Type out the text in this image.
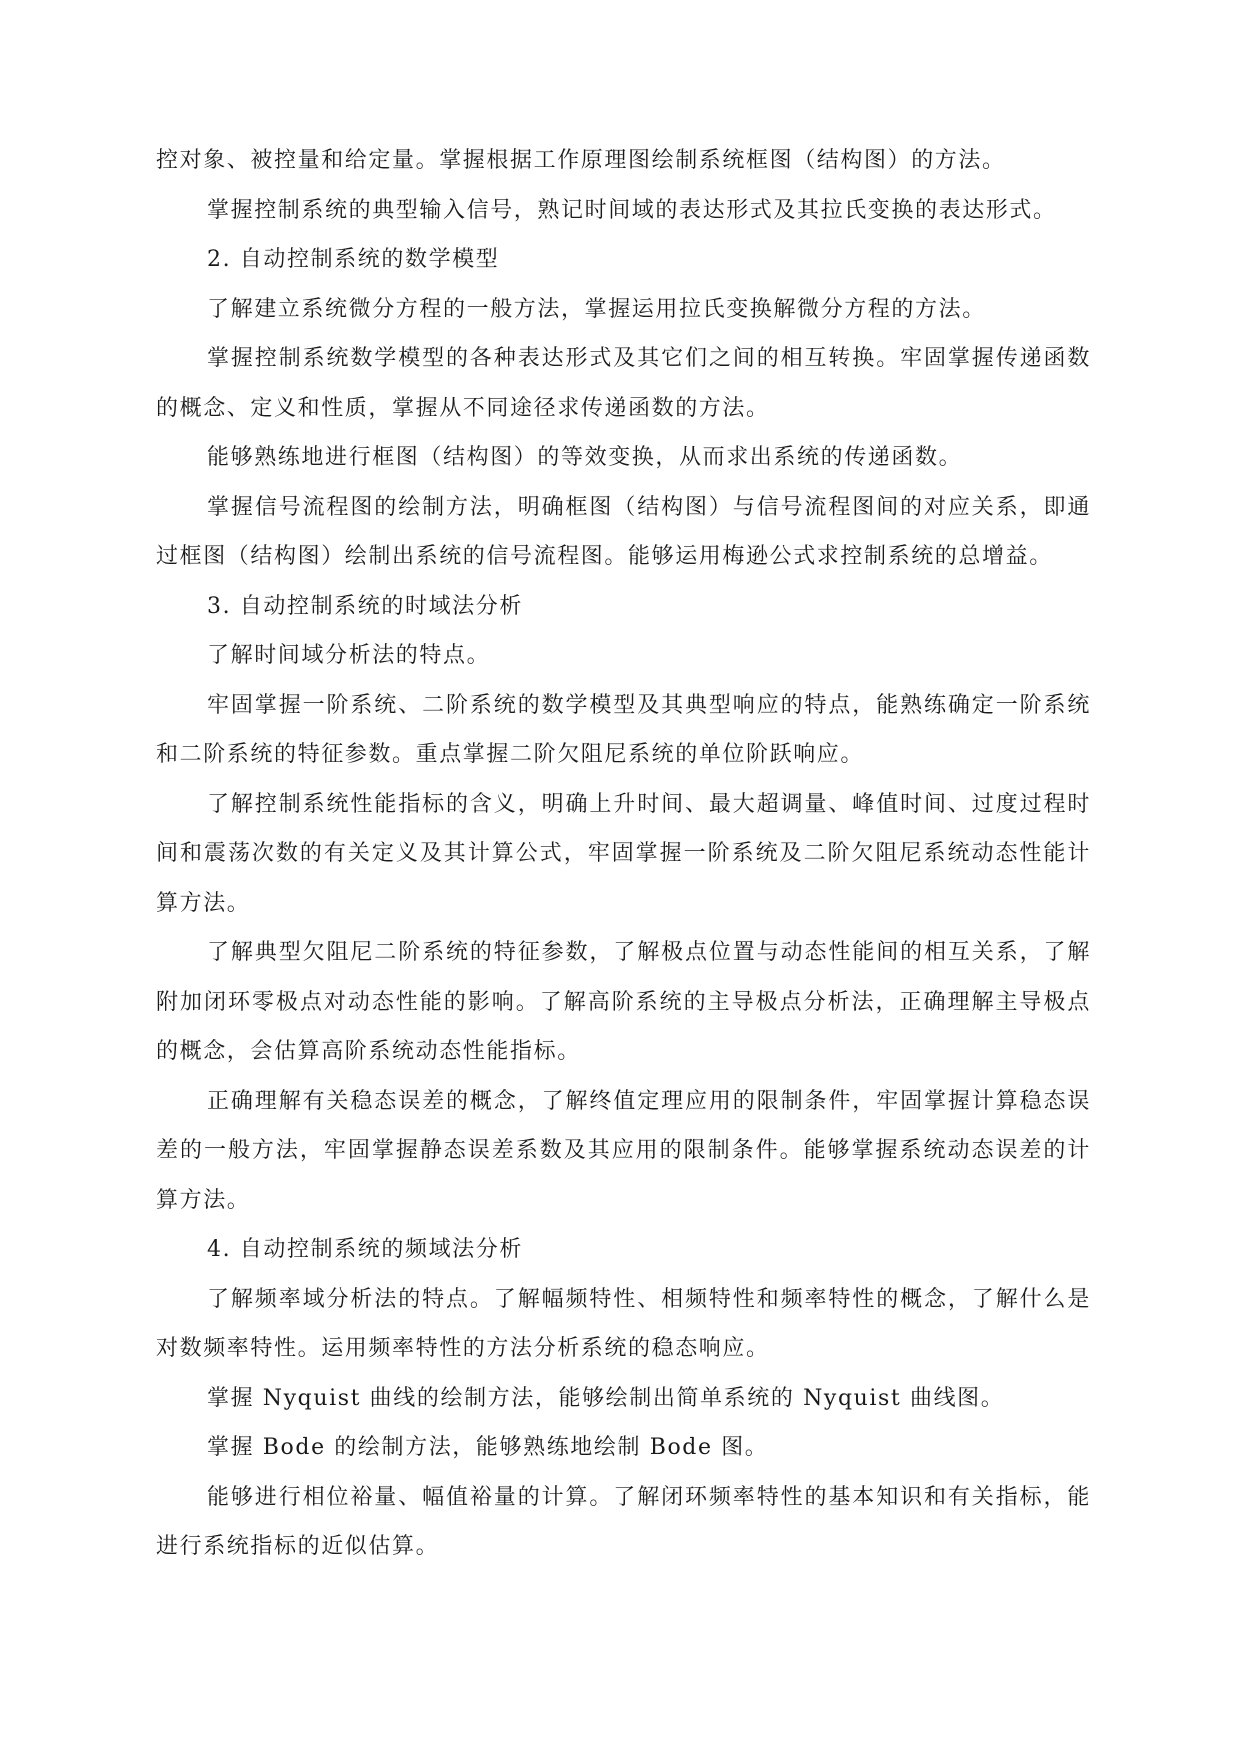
控对象、被控量和给定量。掌握根据工作原理图绘制系统框图（结构图）的方法。

掌握控制系统的典型输入信号，熟记时间域的表达形式及其拉氏变换的表达形式。

2. 自动控制系统的数学模型

了解建立系统微分方程的一般方法，掌握运用拉氏变换解微分方程的方法。

掌握控制系统数学模型的各种表达形式及其它们之间的相互转换。牢固掌握传递函数的概念、定义和性质，掌握从不同途径求传递函数的方法。

能够熟练地进行框图（结构图）的等效变换，从而求出系统的传递函数。

掌握信号流程图的绘制方法，明确框图（结构图）与信号流程图间的对应关系，即通过框图（结构图）绘制出系统的信号流程图。能够运用梅逊公式求控制系统的总增益。

3. 自动控制系统的时域法分析

了解时间域分析法的特点。

牢固掌握一阶系统、二阶系统的数学模型及其典型响应的特点，能熟练确定一阶系统和二阶系统的特征参数。重点掌握二阶欠阻尼系统的单位阶跃响应。

了解控制系统性能指标的含义，明确上升时间、最大超调量、峰值时间、过度过程时间和震荡次数的有关定义及其计算公式，牢固掌握一阶系统及二阶欠阻尼系统动态性能计算方法。

了解典型欠阻尼二阶系统的特征参数，了解极点位置与动态性能间的相互关系，了解附加闭环零极点对动态性能的影响。了解高阶系统的主导极点分析法，正确理解主导极点的概念，会估算高阶系统动态性能指标。

正确理解有关稳态误差的概念，了解终值定理应用的限制条件，牢固掌握计算稳态误差的一般方法，牢固掌握静态误差系数及其应用的限制条件。能够掌握系统动态误差的计算方法。

4. 自动控制系统的频域法分析

了解频率域分析法的特点。了解幅频特性、相频特性和频率特性的概念，了解什么是对数频率特性。运用频率特性的方法分析系统的稳态响应。

掌握 Nyquist 曲线的绘制方法，能够绘制出简单系统的 Nyquist 曲线图。

掌握 Bode 的绘制方法，能够熟练地绘制 Bode 图。

能够进行相位裕量、幅值裕量的计算。了解闭环频率特性的基本知识和有关指标，能进行系统指标的近似估算。
